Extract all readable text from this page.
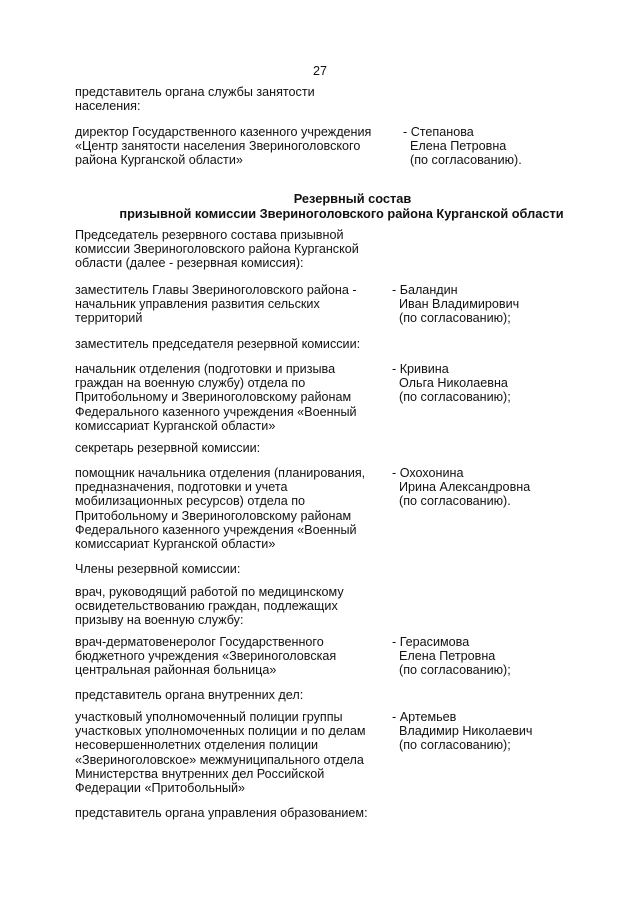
27
представитель органа службы занятости
населения:
директор Государственного казенного учреждения
«Центр занятости населения Звериноголовского
района Курганской области»
- Степанова
Елена Петровна
(по согласованию).
Резервный состав
призывной комиссии Звериноголовского района Курганской области
Председатель резервного состава призывной
комиссии Звериноголовского района Курганской
области (далее - резервная комиссия):
заместитель Главы Звериноголовского района -
начальник управления развития сельских
территорий
- Баландин
Иван Владимирович
(по согласованию);
заместитель председателя резервной комиссии:
начальник отделения (подготовки и призыва
граждан на военную службу) отдела по
Притобольному и Звериноголовскому районам
Федерального казенного учреждения «Военный
комиссариат Курганской области»
- Кривина
Ольга Николаевна
(по согласованию);
секретарь резервной комиссии:
помощник начальника отделения (планирования,
предназначения, подготовки и учета
мобилизационных ресурсов) отдела по
Притобольному и Звериноголовскому районам
Федерального казенного учреждения «Военный
комиссариат Курганской области»
- Охохонина
Ирина Александровна
(по согласованию).
Члены резервной комиссии:
врач, руководящий работой по медицинскому
освидетельствованию граждан, подлежащих
призыву на военную службу:
врач-дерматовенеролог Государственного
бюджетного учреждения «Звериноголовская
центральная районная больница»
- Герасимова
Елена Петровна
(по согласованию);
представитель органа внутренних дел:
участковый уполномоченный полиции группы
участковых уполномоченных полиции и по делам
несовершеннолетних отделения полиции
«Звериноголовское» межмуниципального отдела
Министерства внутренних дел Российской
Федерации «Притобольный»
- Артемьев
Владимир Николаевич
(по согласованию);
представитель органа управления образованием:
